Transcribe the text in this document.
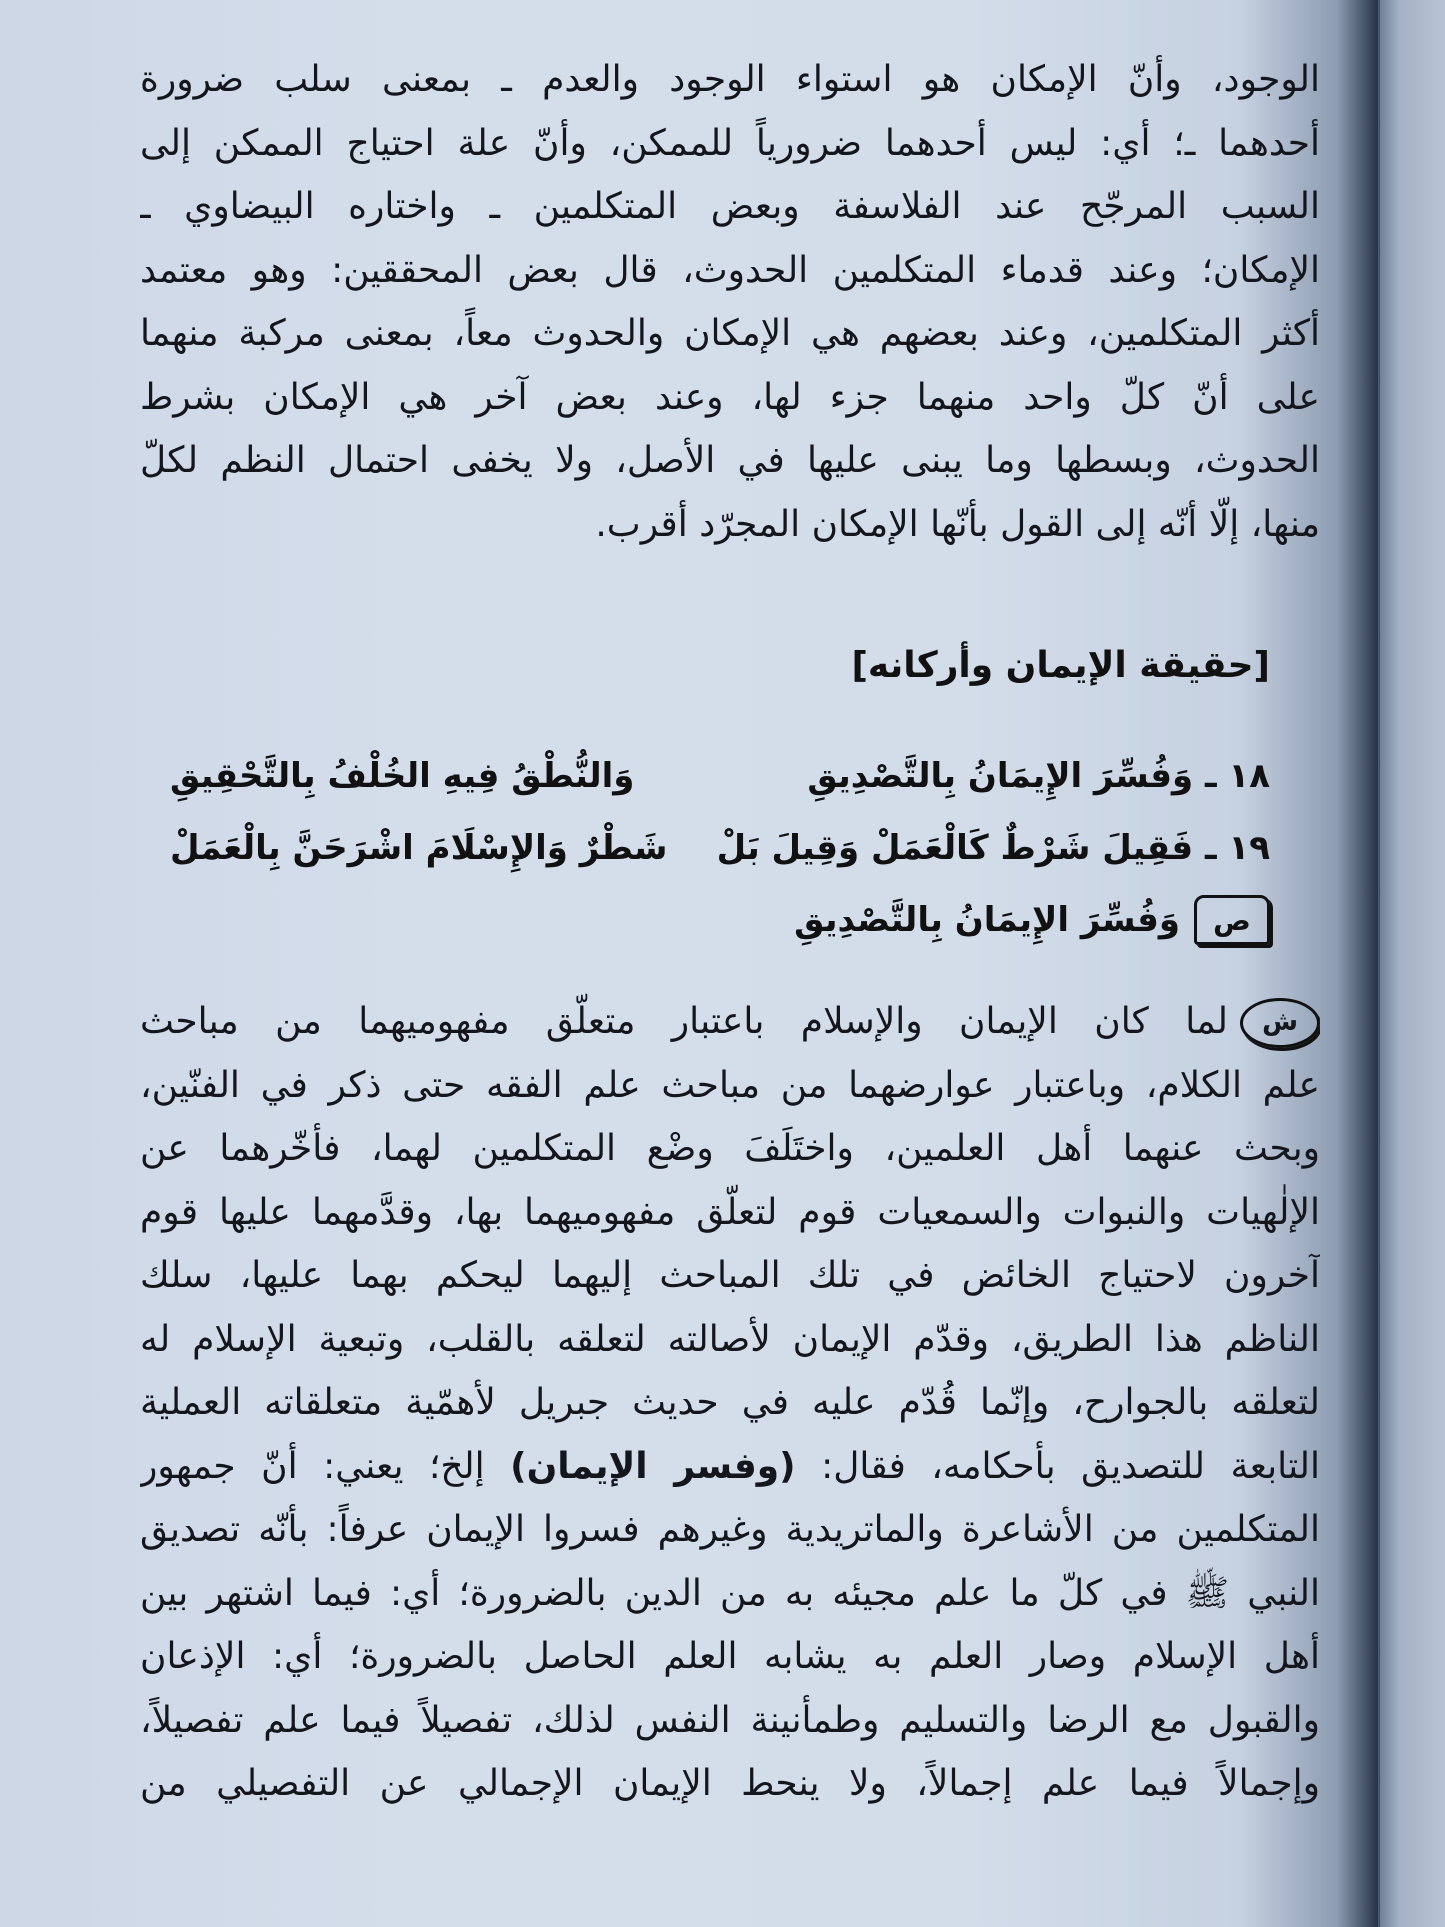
الوجود، وأنّ الإمكان هو استواء الوجود والعدم ـ بمعنى سلب ضرورة
أحدهما ـ؛ أي: ليس أحدهما ضرورياً للممكن، وأنّ علة احتياج الممكن إلى
السبب المرجّح عند الفلاسفة وبعض المتكلمين ـ واختاره البيضاوي ـ
الإمكان؛ وعند قدماء المتكلمين الحدوث، قال بعض المحققين: وهو معتمد
أكثر المتكلمين، وعند بعضهم هي الإمكان والحدوث معاً، بمعنى مركبة منهما
على أنّ كلّ واحد منهما جزء لها، وعند بعض آخر هي الإمكان بشرط
الحدوث، وبسطها وما يبنى عليها في الأصل، ولا يخفى احتمال النظم لكلّ
منها، إلّا أنّه إلى القول بأنّها الإمكان المجرّد أقرب.
[حقيقة الإيمان وأركانه]
١٨ ـ وَفُسِّرَ الإِيمَانُ بِالتَّصْدِيقِ
وَالنُّطْقُ فِيهِ الخُلْفُ بِالتَّحْقِيقِ
١٩ ـ فَقِيلَ شَرْطٌ كَالْعَمَلْ وَقِيلَ بَلْ
شَطْرٌ وَالإِسْلَامَ اشْرَحَنَّ بِالْعَمَلْ
ص
وَفُسِّرَ الإِيمَانُ بِالتَّصْدِيقِ
شلما كان الإيمان والإسلام باعتبار متعلّق مفهوميهما من مباحث
علم الكلام، وباعتبار عوارضهما من مباحث علم الفقه حتى ذكر في الفنّين،
وبحث عنهما أهل العلمين، واختَلَفَ وضْع المتكلمين لهما، فأخّرهما عن
الإلٰهيات والنبوات والسمعيات قوم لتعلّق مفهوميهما بها، وقدَّمهما عليها قوم
آخرون لاحتياج الخائض في تلك المباحث إليهما ليحكم بهما عليها، سلك
الناظم هذا الطريق، وقدّم الإيمان لأصالته لتعلقه بالقلب، وتبعية الإسلام له
لتعلقه بالجوارح، وإنّما قُدّم عليه في حديث جبريل لأهمّية متعلقاته العملية
التابعة للتصديق بأحكامه، فقال: (وفسر الإيمان) إلخ؛ يعني: أنّ جمهور
المتكلمين من الأشاعرة والماتريدية وغيرهم فسروا الإيمان عرفاً: بأنّه تصديق
النبي ﷺ في كلّ ما علم مجيئه به من الدين بالضرورة؛ أي: فيما اشتهر بين
أهل الإسلام وصار العلم به يشابه العلم الحاصل بالضرورة؛ أي: الإذعان
والقبول مع الرضا والتسليم وطمأنينة النفس لذلك، تفصيلاً فيما علم تفصيلاً،
وإجمالاً فيما علم إجمالاً، ولا ينحط الإيمان الإجمالي عن التفصيلي من
